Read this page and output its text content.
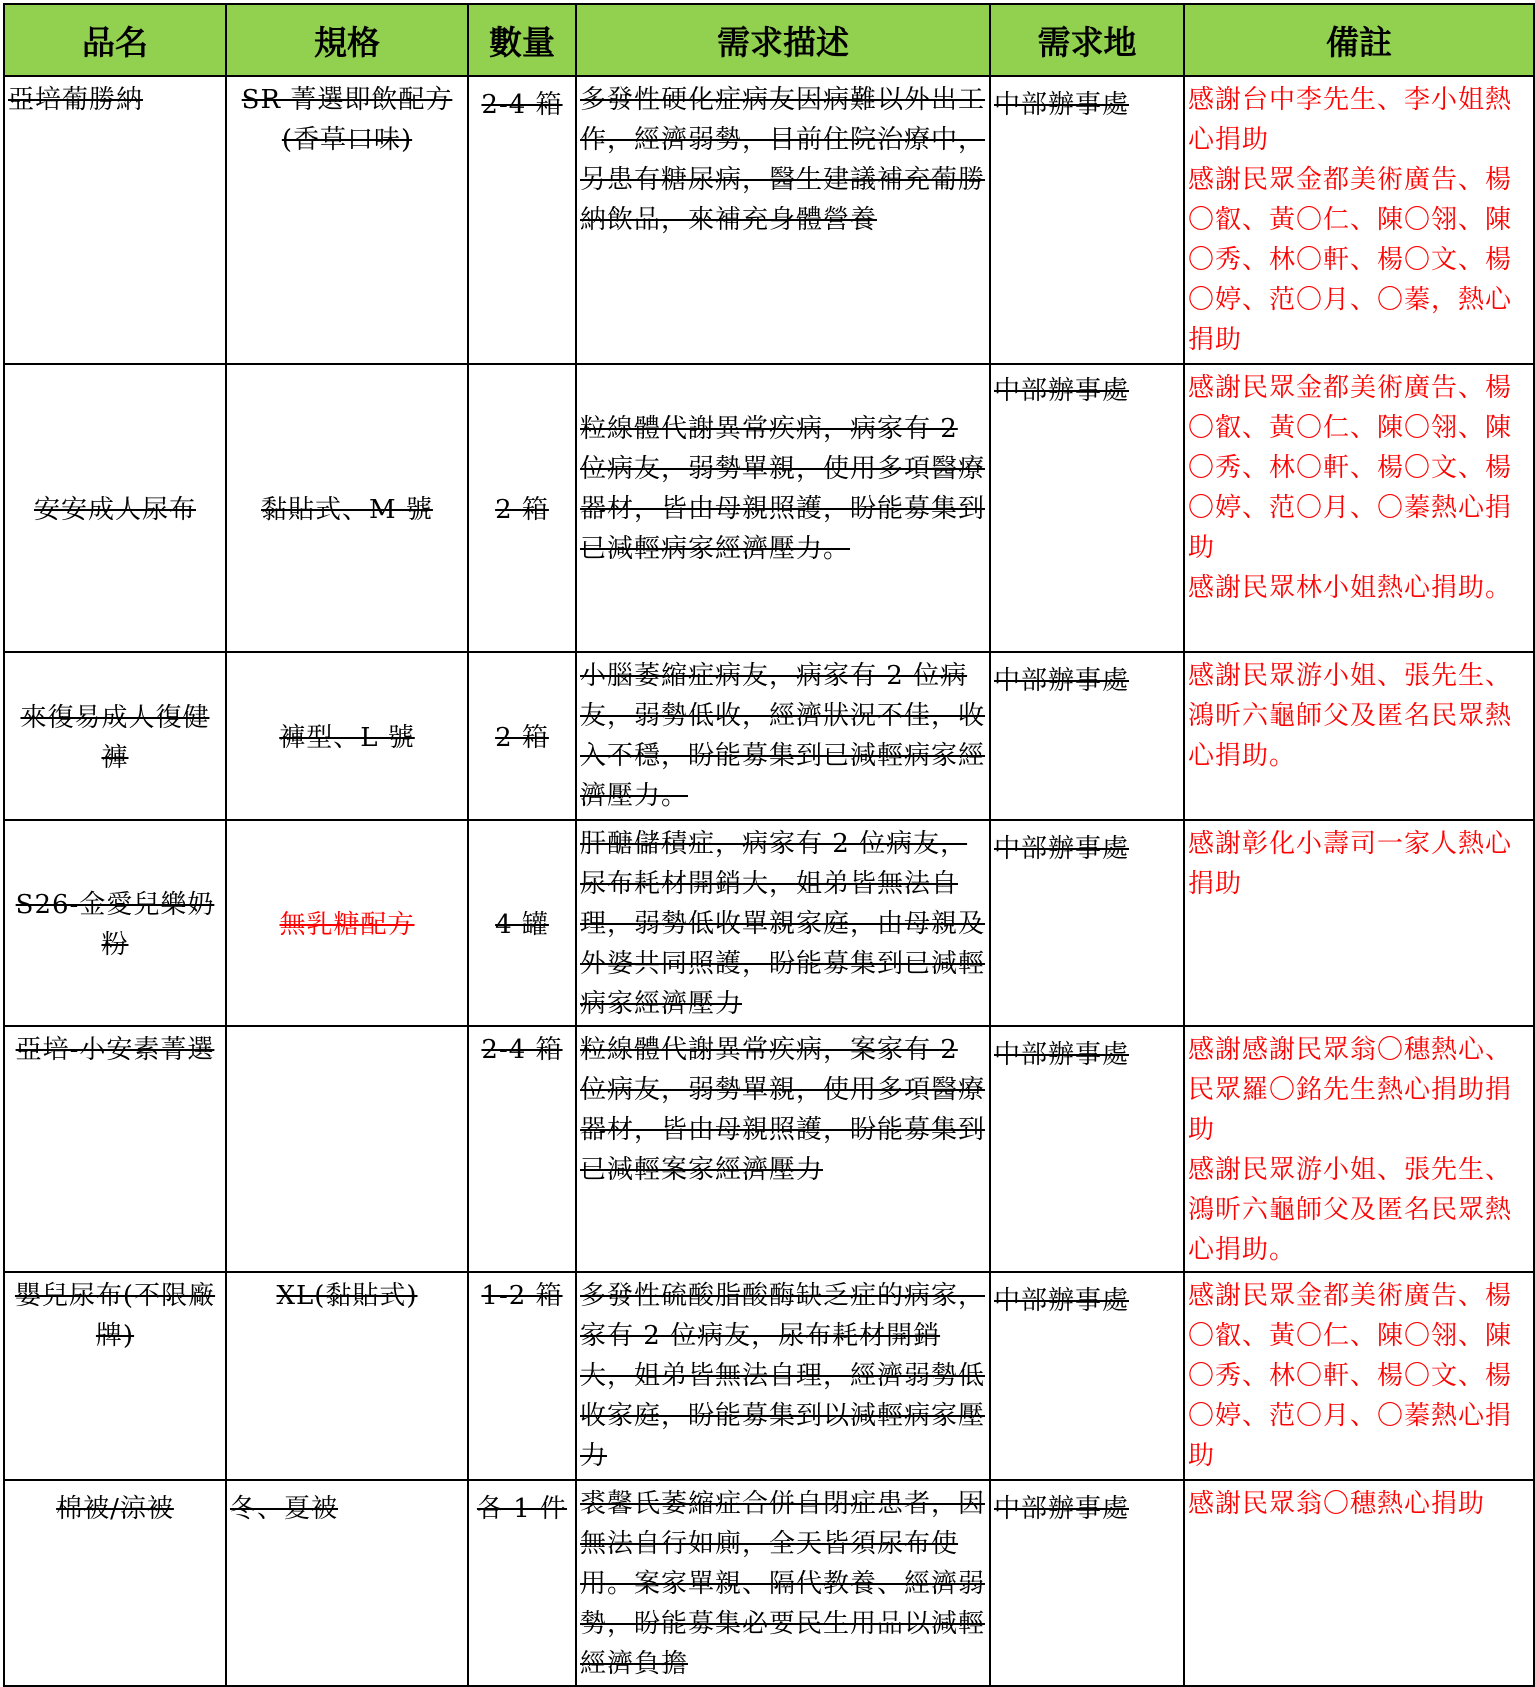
品名	規格	數量	需求描述	需求地	備註
亞培葡勝納	SR 菁選即飲配方(香草口味)	2-4 箱	多發性硬化症病友因病難以外出工作，經濟弱勢，目前住院治療中，另患有糖尿病，醫生建議補充葡勝納飲品，來補充身體營養	中部辦事處	感謝台中李先生、李小姐熱心捐助
感謝民眾金都美術廣告、楊〇叡、黃〇仁、陳〇翎、陳〇秀、林〇軒、楊〇文、楊〇婷、范〇月、〇蓁，熱心捐助

安安成人尿布	黏貼式、M 號	2 箱	粒線體代謝異常疾病，病家有 2 位病友，弱勢單親，使用多項醫療器材，皆由母親照護，盼能募集到已減輕病家經濟壓力。	中部辦事處	感謝民眾金都美術廣告、楊〇叡、黃〇仁、陳〇翎、陳〇秀、林〇軒、楊〇文、楊〇婷、范〇月、〇蓁熱心捐助
感謝民眾林小姐熱心捐助。

來復易成人復健褲	褲型、L 號	2 箱	小腦萎縮症病友，病家有 2 位病友，弱勢低收，經濟狀況不佳，收入不穩，盼能募集到已減輕病家經濟壓力。	中部辦事處	感謝民眾游小姐、張先生、鴻昕六龜師父及匿名民眾熱心捐助。

S26-金愛兒樂奶粉	無乳糖配方	4 罐	肝醣儲積症，病家有 2 位病友，尿布耗材開銷大，姐弟皆無法自理，弱勢低收單親家庭，由母親及外婆共同照護，盼能募集到已減輕病家經濟壓力	中部辦事處	感謝彰化小壽司一家人熱心捐助

亞培-小安素菁選		2-4 箱	粒線體代謝異常疾病，案家有 2 位病友，弱勢單親，使用多項醫療器材，皆由母親照護，盼能募集到已減輕案家經濟壓力	中部辦事處	感謝感謝民眾翁〇穗熱心、民眾羅〇銘先生熱心捐助捐助
感謝民眾游小姐、張先生、鴻昕六龜師父及匿名民眾熱心捐助。

嬰兒尿布(不限廠牌)	XL(黏貼式)	1-2 箱	多發性硫酸脂酸酶缺乏症的病家，家有 2 位病友，尿布耗材開銷大，姐弟皆無法自理，經濟弱勢低收家庭，盼能募集到以減輕病家壓力	中部辦事處	感謝民眾金都美術廣告、楊〇叡、黃〇仁、陳〇翎、陳〇秀、林〇軒、楊〇文、楊〇婷、范〇月、〇蓁熱心捐助

棉被/涼被	冬、夏被	各 1 件	裘馨氏萎縮症合併自閉症患者，因無法自行如廁，全天皆須尿布使用。案家單親、隔代教養、經濟弱勢，盼能募集必要民生用品以減輕經濟負擔	中部辦事處	感謝民眾翁〇穗熱心捐助
